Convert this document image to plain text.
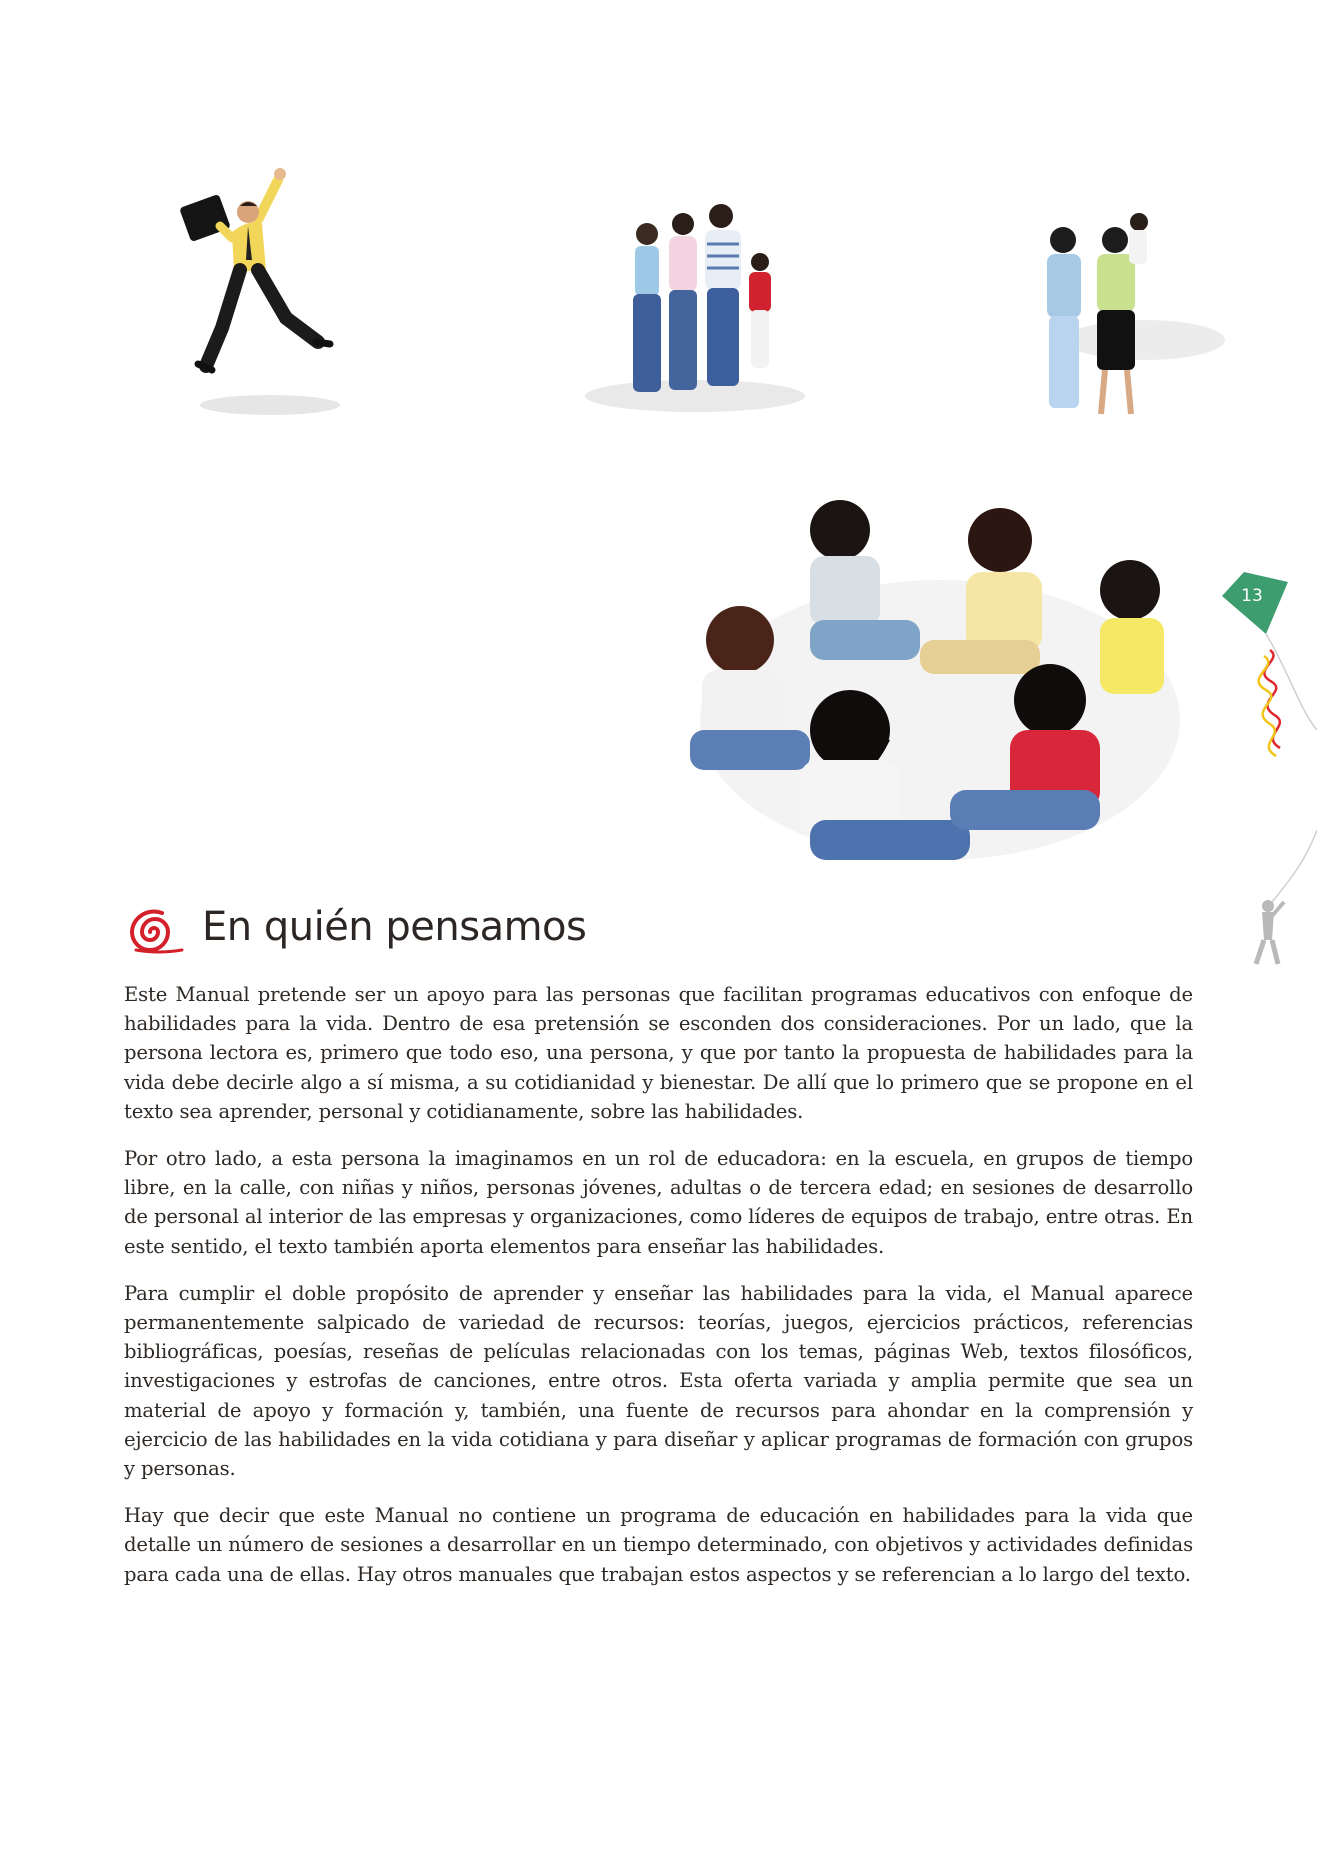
13
En quién pensamos

Este Manual pretende ser un apoyo para las personas que facilitan programas educativos con enfoque de habilidades para la vida. Dentro de esa pretensión se esconden dos consideraciones. Por un lado, que la persona lectora es, primero que todo eso, una persona, y que por tanto la propuesta de habilidades para la vida debe decirle algo a sí misma, a su cotidianidad y bienestar. De allí que lo primero que se propone en el texto sea aprender, personal y cotidianamente, sobre las habilidades.

Por otro lado, a esta persona la imaginamos en un rol de educadora: en la escuela, en grupos de tiempo libre, en la calle, con niñas y niños, personas jóvenes, adultas o de tercera edad; en sesiones de desarrollo de personal al interior de las empresas y organizaciones, como líderes de equipos de trabajo, entre otras. En este sentido, el texto también aporta elementos para enseñar las habilidades.

Para cumplir el doble propósito de aprender y enseñar las habilidades para la vida, el Manual aparece permanentemente salpicado de variedad de recursos: teorías, juegos, ejercicios prácticos, referencias bibliográficas, poesías, reseñas de películas relacionadas con los temas, páginas Web, textos filosóficos, investigaciones y estrofas de canciones, entre otros. Esta oferta variada y amplia permite que sea un material de apoyo y formación y, también, una fuente de recursos para ahondar en la comprensión y ejercicio de las habilidades en la vida cotidiana y para diseñar y aplicar programas de formación con grupos y personas.

Hay que decir que este Manual no contiene un programa de educación en habilidades para la vida que detalle un número de sesiones a desarrollar en un tiempo determinado, con objetivos y actividades definidas para cada una de ellas. Hay otros manuales que trabajan estos aspectos y se referencian a lo largo del texto.
